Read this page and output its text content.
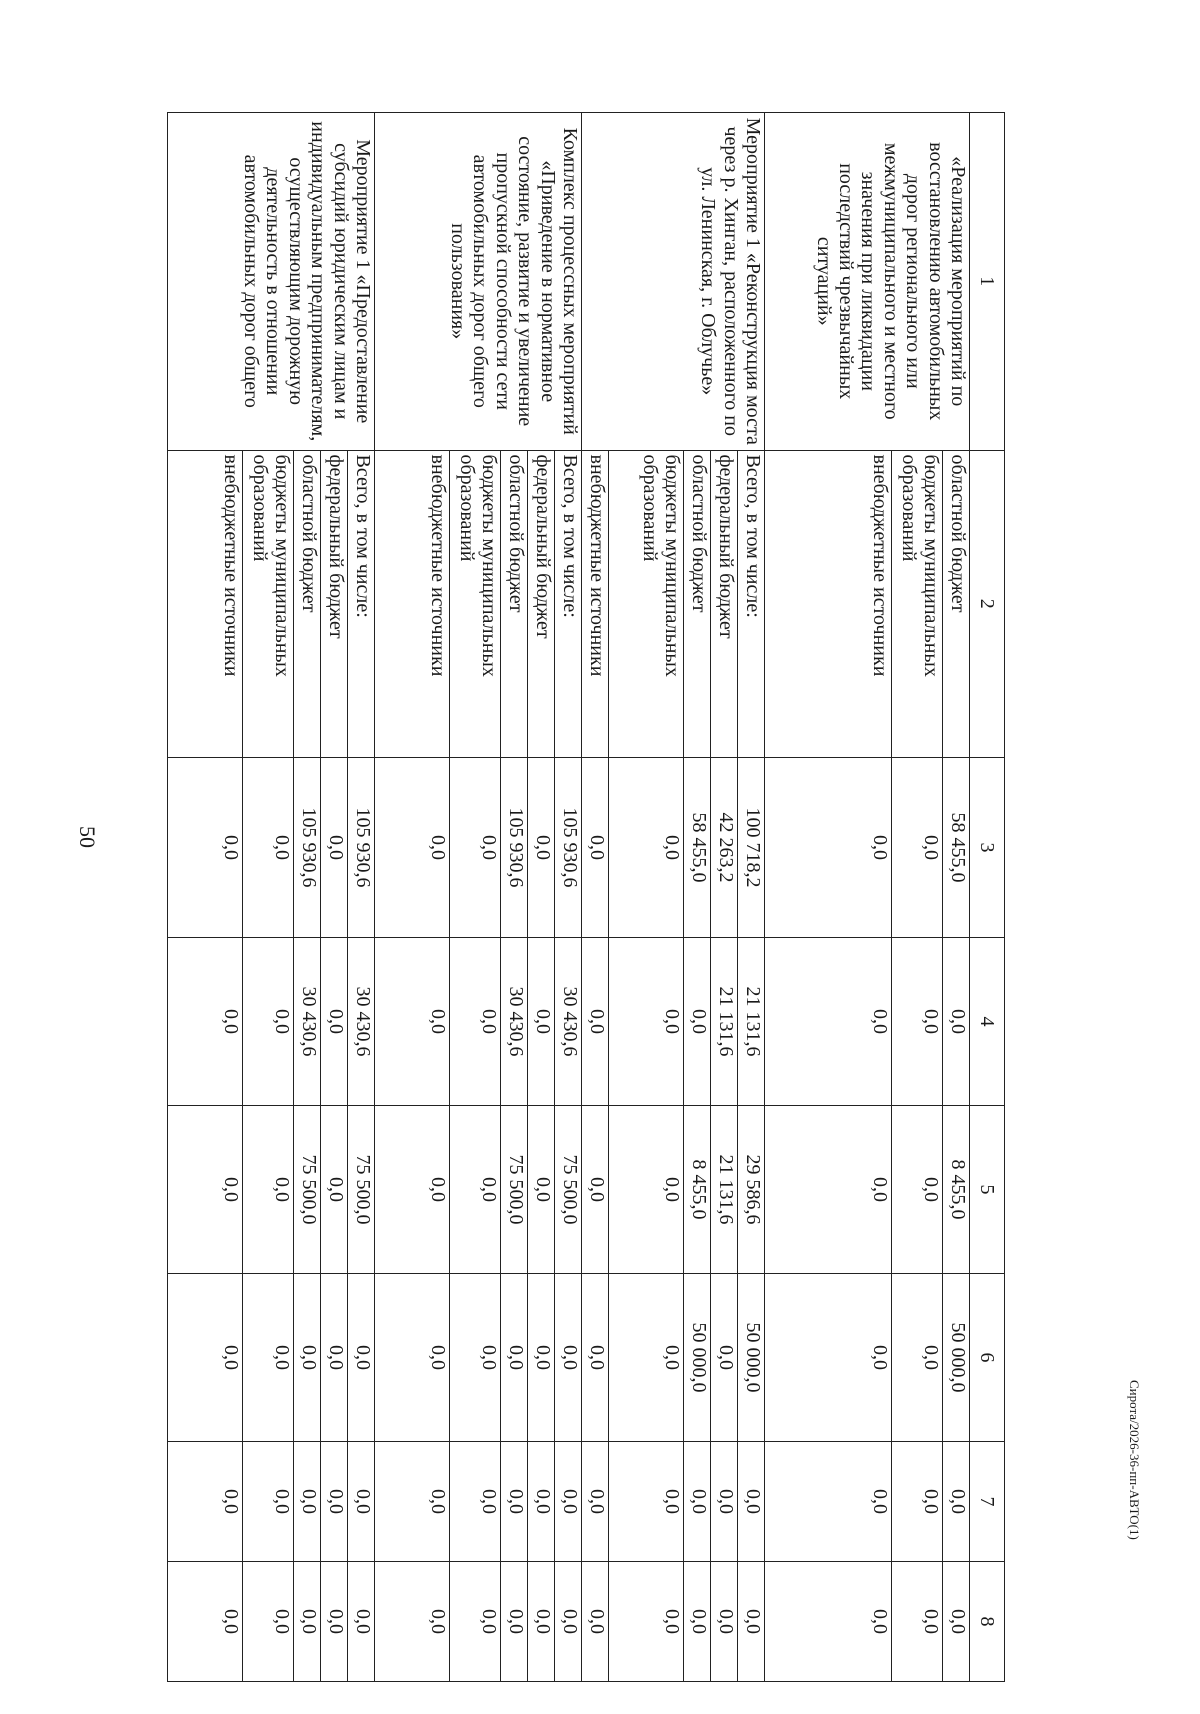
50
Сирота/2026-36-пп-АВТО(1)
1	2	3	4	5	6	7	8
«Реализация мероприятий по восстановлению автомобильных дорог регионального или межмуниципального и местного значения при ликвидации последствий чрезвычайных ситуаций»	областной бюджет	58 455,0	0,0	8 455,0	50 000,0	0,0	0,0
	бюджеты муниципальных образований	0,0	0,0	0,0	0,0	0,0	0,0
	внебюджетные источники	0,0	0,0	0,0	0,0	0,0	0,0
Мероприятие 1 «Реконструкция моста через р. Хинган, расположенного по ул. Ленинская, г. Облучье»	Всего, в том числе:	100 718,2	21 131,6	29 586,6	50 000,0	0,0	0,0
	федеральный бюджет	42 263,2	21 131,6	21 131,6	0,0	0,0	0,0
	областной бюджет	58 455,0	0,0	8 455,0	50 000,0	0,0	0,0
	бюджеты муниципальных образований	0,0	0,0	0,0	0,0	0,0	0,0
	внебюджетные источники	0,0	0,0	0,0	0,0	0,0	0,0
Комплекс процессных мероприятий «Приведение в нормативное состояние, развитие и увеличение пропускной способности сети автомобильных дорог общего пользования»	Всего, в том числе:	105 930,6	30 430,6	75 500,0	0,0	0,0	0,0
	федеральный бюджет	0,0	0,0	0,0	0,0	0,0	0,0
	областной бюджет	105 930,6	30 430,6	75 500,0	0,0	0,0	0,0
	бюджеты муниципальных образований	0,0	0,0	0,0	0,0	0,0	0,0
	внебюджетные источники	0,0	0,0	0,0	0,0	0,0	0,0
Мероприятие 1 «Предоставление субсидий юридическим лицам и индивидуальным предпринимателям, осуществляющим дорожную деятельность в отношении автомобильных дорог общего	Всего, в том числе:	105 930,6	30 430,6	75 500,0	0,0	0,0	0,0
	федеральный бюджет	0,0	0,0	0,0	0,0	0,0	0,0
	областной бюджет	105 930,6	30 430,6	75 500,0	0,0	0,0	0,0
	бюджеты муниципальных образований	0,0	0,0	0,0	0,0	0,0	0,0
	внебюджетные источники	0,0	0,0	0,0	0,0	0,0	0,0
